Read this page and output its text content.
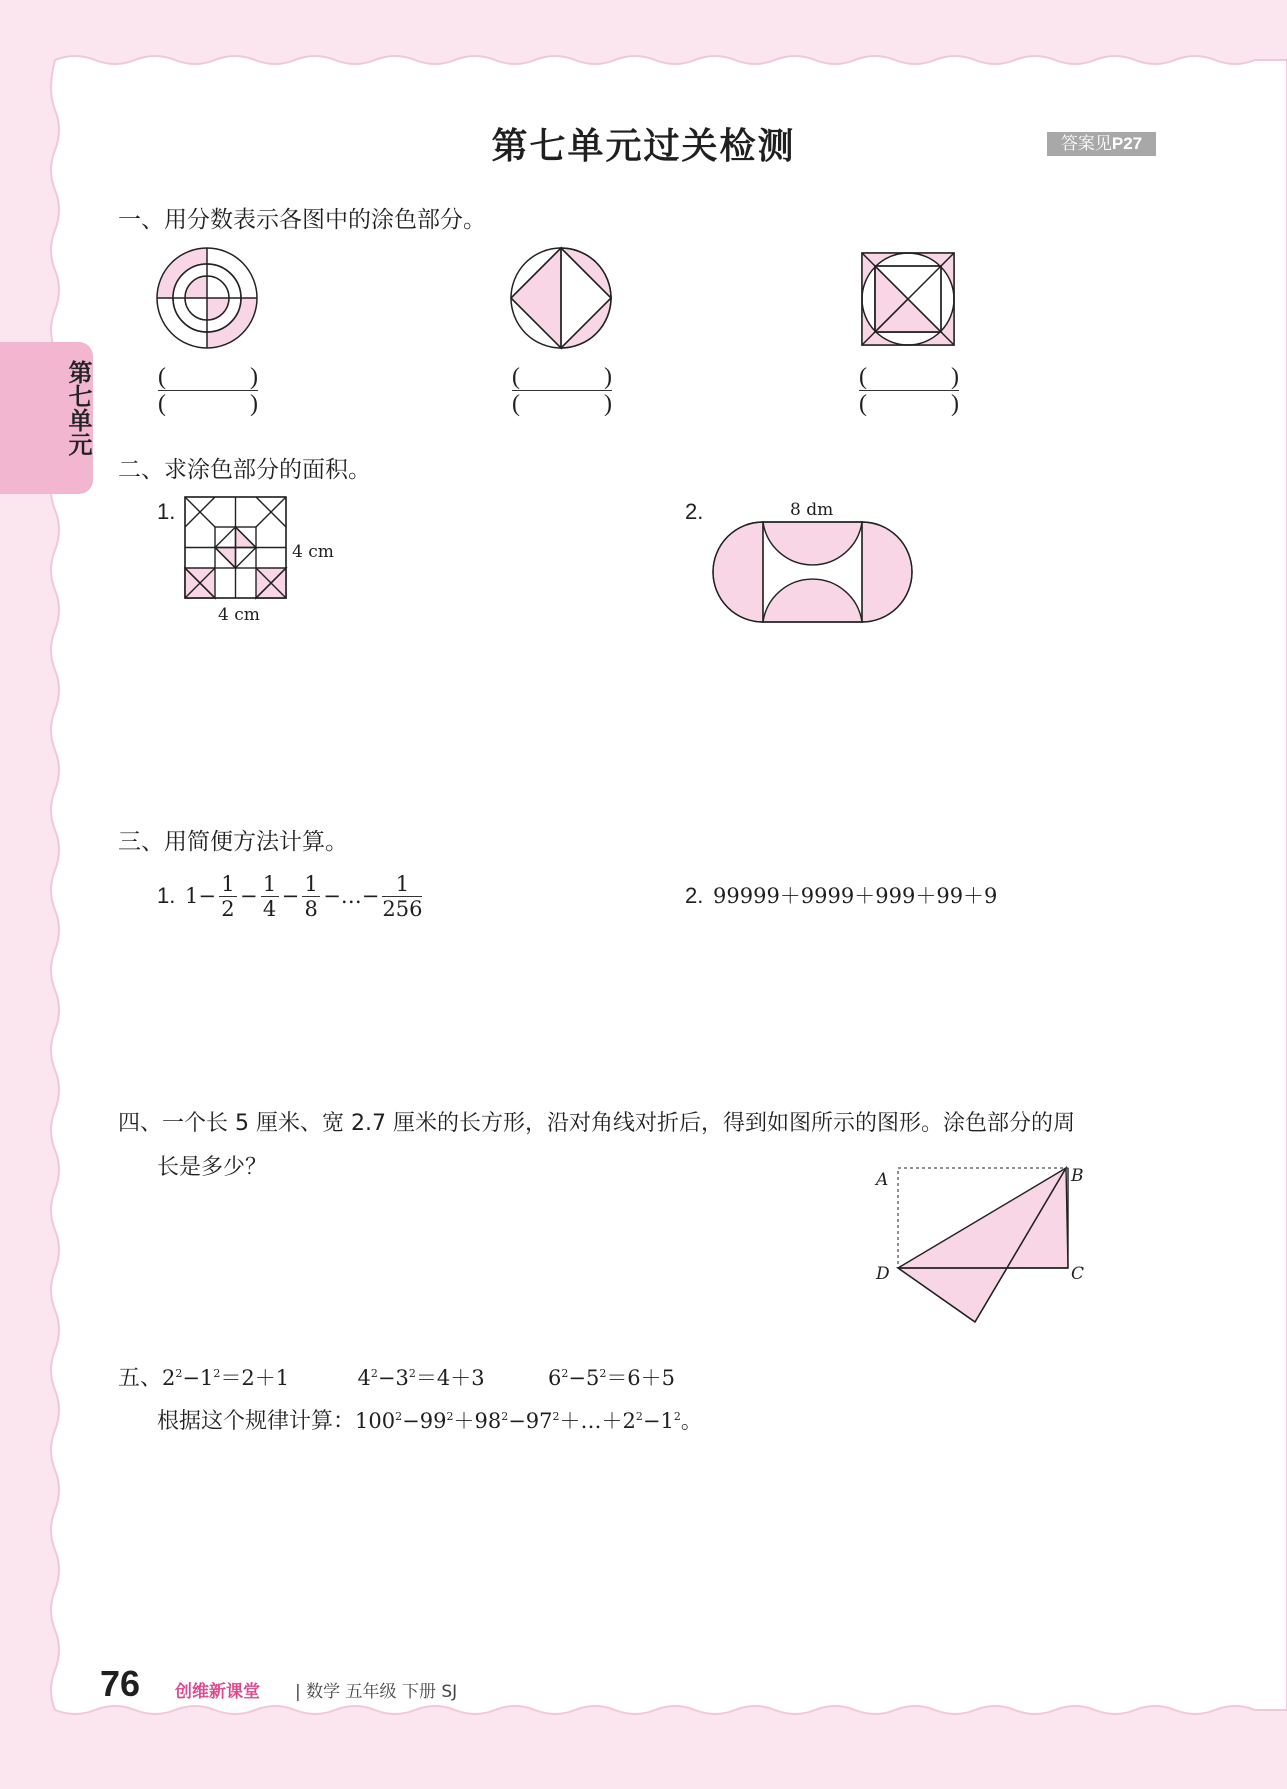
第七单元
第七单元过关检测	答案见P27
一、用分数表示各图中的涂色部分。
(	)
(	)
(	)
(	)
(	)
(	)
二、求涂色部分的面积。
1.
4 cm
4 cm
2.	8 dm
三、用简便方法计算。
1. 1−
1
2
−
1
4
−
1
8
−…−
1
256
2. 99999＋9999＋999＋99＋9
四、一个长 5 厘米、宽 2.7 厘米的长方形，沿对角线对折后，得到如图所示的图形。涂色部分的周
长是多少？	A	B
C
D
五、$2^2-1^2=2+1$	$4^2-3^2=4+3$	$6^2-5^2=6+5$
根据这个规律计算：$100^2-99^2+98^2-97^2+\dots+2^2-1^2$。
76 创维新课堂 | 数学 五年级 下册 SJ
